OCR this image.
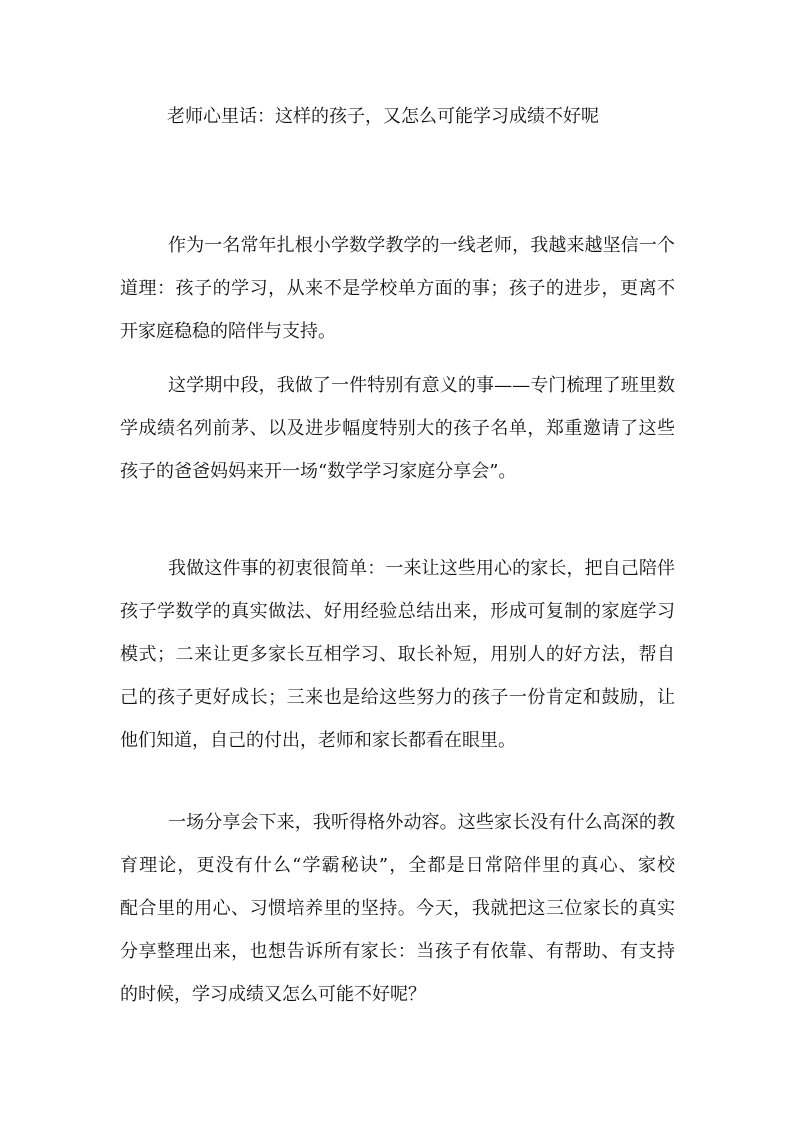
老师心里话：这样的孩子，又怎么可能学习成绩不好呢
作为一名常年扎根小学数学教学的一线老师，我越来越坚信一个
道理：孩子的学习，从来不是学校单方面的事；孩子的进步，更离不
开家庭稳稳的陪伴与支持。
这学期中段，我做了一件特别有意义的事——专门梳理了班里数
学成绩名列前茅、以及进步幅度特别大的孩子名单，郑重邀请了这些
孩子的爸爸妈妈来开一场“数学学习家庭分享会”。
我做这件事的初衷很简单：一来让这些用心的家长，把自己陪伴
孩子学数学的真实做法、好用经验总结出来，形成可复制的家庭学习
模式；二来让更多家长互相学习、取长补短，用别人的好方法，帮自
己的孩子更好成长；三来也是给这些努力的孩子一份肯定和鼓励，让
他们知道，自己的付出，老师和家长都看在眼里。
一场分享会下来，我听得格外动容。这些家长没有什么高深的教
育理论，更没有什么“学霸秘诀”，全都是日常陪伴里的真心、家校
配合里的用心、习惯培养里的坚持。今天，我就把这三位家长的真实
分享整理出来，也想告诉所有家长：当孩子有依靠、有帮助、有支持
的时候，学习成绩又怎么可能不好呢？
